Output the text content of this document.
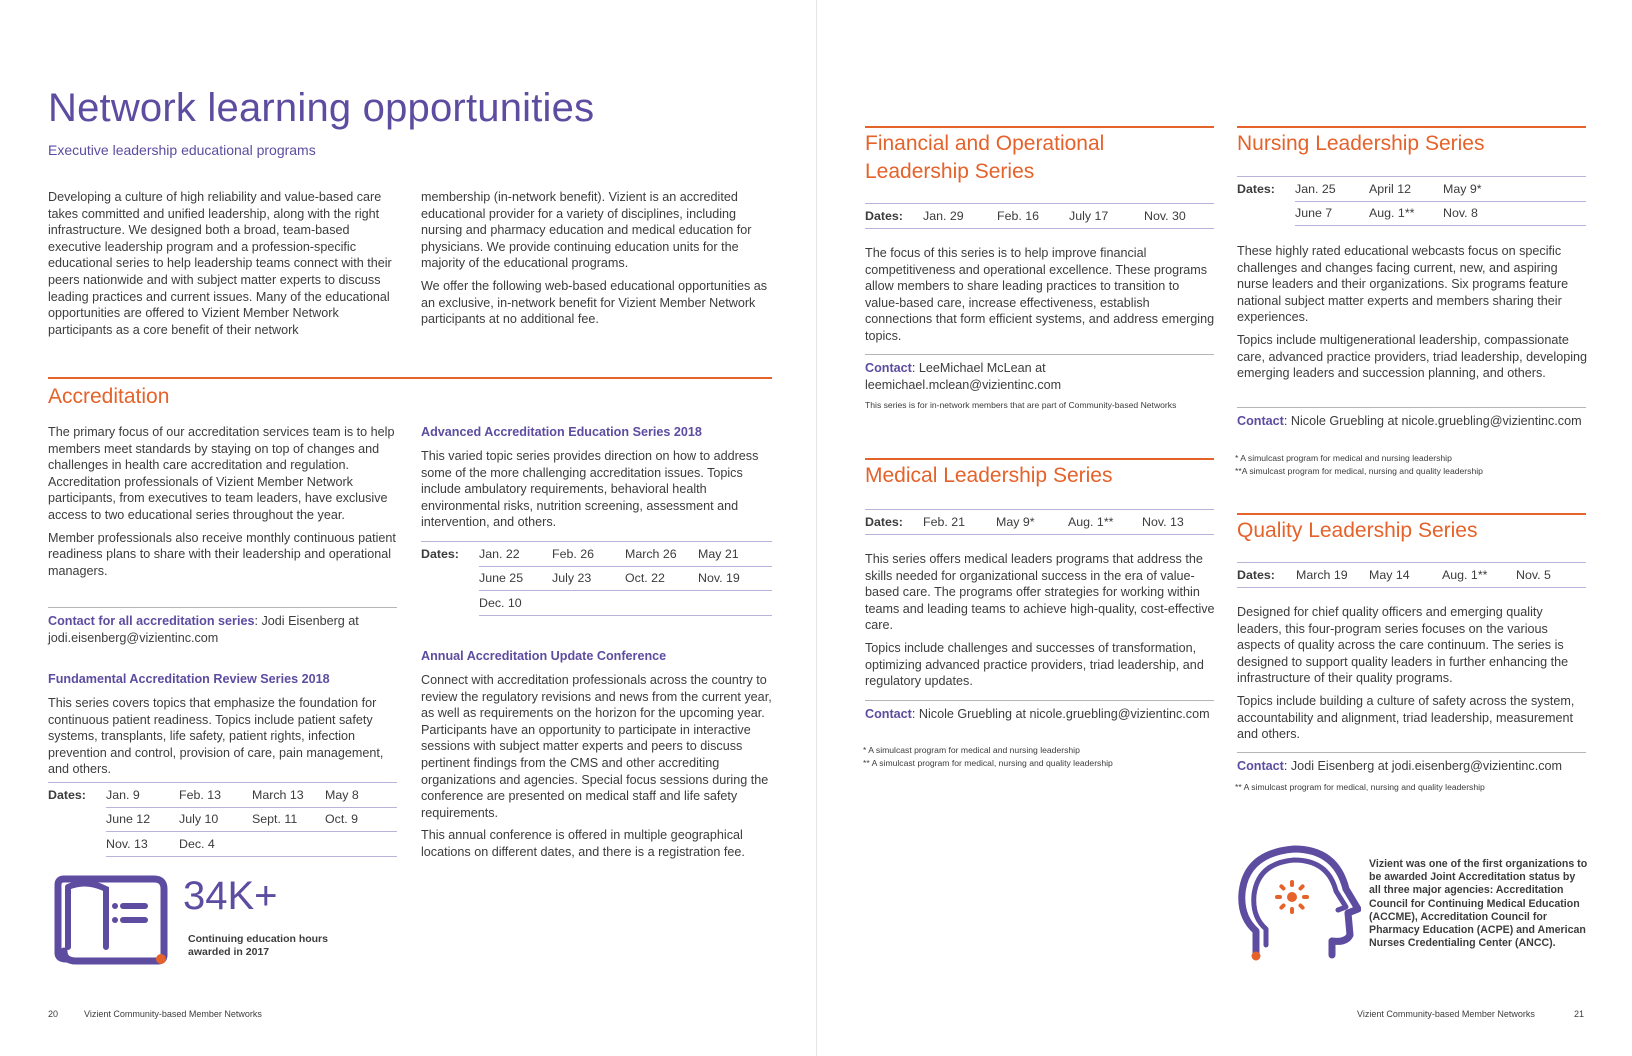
Network learning opportunities
Executive leadership educational programs

Developing a culture of high reliability and value-based care takes committed and unified leadership, along with the right infrastructure. We designed both a broad, team-based executive leadership program and a profession-specific educational series to help leadership teams connect with their peers nationwide and with subject matter experts to discuss leading practices and current issues. Many of the educational opportunities are offered to Vizient Member Network participants as a core benefit of their network

membership (in-network benefit). Vizient is an accredited educational provider for a variety of disciplines, including nursing and pharmacy education and medical education for physicians. We provide continuing education units for the majority of the educational programs.

We offer the following web-based educational opportunities as an exclusive, in-network benefit for Vizient Member Network participants at no additional fee.

Accreditation

The primary focus of our accreditation services team is to help members meet standards by staying on top of changes and challenges in health care accreditation and regulation. Accreditation professionals of Vizient Member Network participants, from executives to team leaders, have exclusive access to two educational series throughout the year.

Member professionals also receive monthly continuous patient readiness plans to share with their leadership and operational managers.

Contact for all accreditation series: Jodi Eisenberg at jodi.eisenberg@vizientinc.com
Fundamental Accreditation Review Series 2018

This series covers topics that emphasize the foundation for continuous patient readiness. Topics include patient safety systems, transplants, life safety, patient rights, infection prevention and control, provision of care, pain management, and others.

Dates:	Jan. 9	Feb. 13	March 13	May 8
	June 12	July 10	Sept. 11	Oct. 9
	Nov. 13	Dec. 4		
Advanced Accreditation Education Series 2018

This varied topic series provides direction on how to address some of the more challenging accreditation issues. Topics include ambulatory requirements, behavioral health environmental risks, nutrition screening, assessment and intervention, and others.

Dates:	Jan. 22	Feb. 26	March 26	May 21
	June 25	July 23	Oct. 22	Nov. 19
	Dec. 10			
Annual Accreditation Update Conference

Connect with accreditation professionals across the country to review the regulatory revisions and news from the current year, as well as requirements on the horizon for the upcoming year. Participants have an opportunity to participate in interactive sessions with subject matter experts and peers to discuss pertinent findings from the CMS and other accrediting organizations and agencies. Special focus sessions during the conference are presented on medical staff and life safety requirements.

This annual conference is offered in multiple geographical locations on different dates, and there is a registration fee.

34K+
Continuing education hours
awarded in 2017
20	Vizient Community-based Member Networks
Financial and Operational Leadership Series
Dates:	Jan. 29	Feb. 16	July 17	Nov. 30

The focus of this series is to help improve financial competitiveness and operational excellence. These programs allow members to share leading practices to transition to value-based care, increase effectiveness, establish connections that form efficient systems, and address emerging topics.

Contact: LeeMichael McLean at leemichael.mclean@vizientinc.com
This series is for in-network members that are part of Community-based Networks
Medical Leadership Series
Dates:	Feb. 21	May 9*	Aug. 1**	Nov. 13

This series offers medical leaders programs that address the skills needed for organizational success in the era of value-based care. The programs offer strategies for working within teams and leading teams to achieve high-quality, cost-effective care.

Topics include challenges and successes of transformation, optimizing advanced practice providers, triad leadership, and regulatory updates.

Contact: Nicole Gruebling at nicole.gruebling@vizientinc.com
* A simulcast program for medical and nursing leadership
** A simulcast program for medical, nursing and quality leadership
Nursing Leadership Series
Dates:	Jan. 25	April 12	May 9*
	June 7	Aug. 1**	Nov. 8

These highly rated educational webcasts focus on specific challenges and changes facing current, new, and aspiring nurse leaders and their organizations. Six programs feature national subject matter experts and members sharing their experiences.

Topics include multigenerational leadership, compassionate care, advanced practice providers, triad leadership, developing emerging leaders and succession planning, and others.

Contact: Nicole Gruebling at nicole.gruebling@vizientinc.com
* A simulcast program for medical and nursing leadership
**A simulcast program for medical, nursing and quality leadership
Quality Leadership Series
Dates:	March 19	May 14	Aug. 1**	Nov. 5

Designed for chief quality officers and emerging quality leaders, this four-program series focuses on the various aspects of quality across the care continuum. The series is designed to support quality leaders in further enhancing the infrastructure of their quality programs.

Topics include building a culture of safety across the system, accountability and alignment, triad leadership, measurement and others.

Contact: Jodi Eisenberg at jodi.eisenberg@vizientinc.com
** A simulcast program for medical, nursing and quality leadership
Vizient was one of the first organizations to be awarded Joint Accreditation status by all three major agencies: Accreditation Council for Continuing Medical Education (ACCME), Accreditation Council for Pharmacy Education (ACPE) and American Nurses Credentialing Center (ANCC).
Vizient Community-based Member Networks	21
